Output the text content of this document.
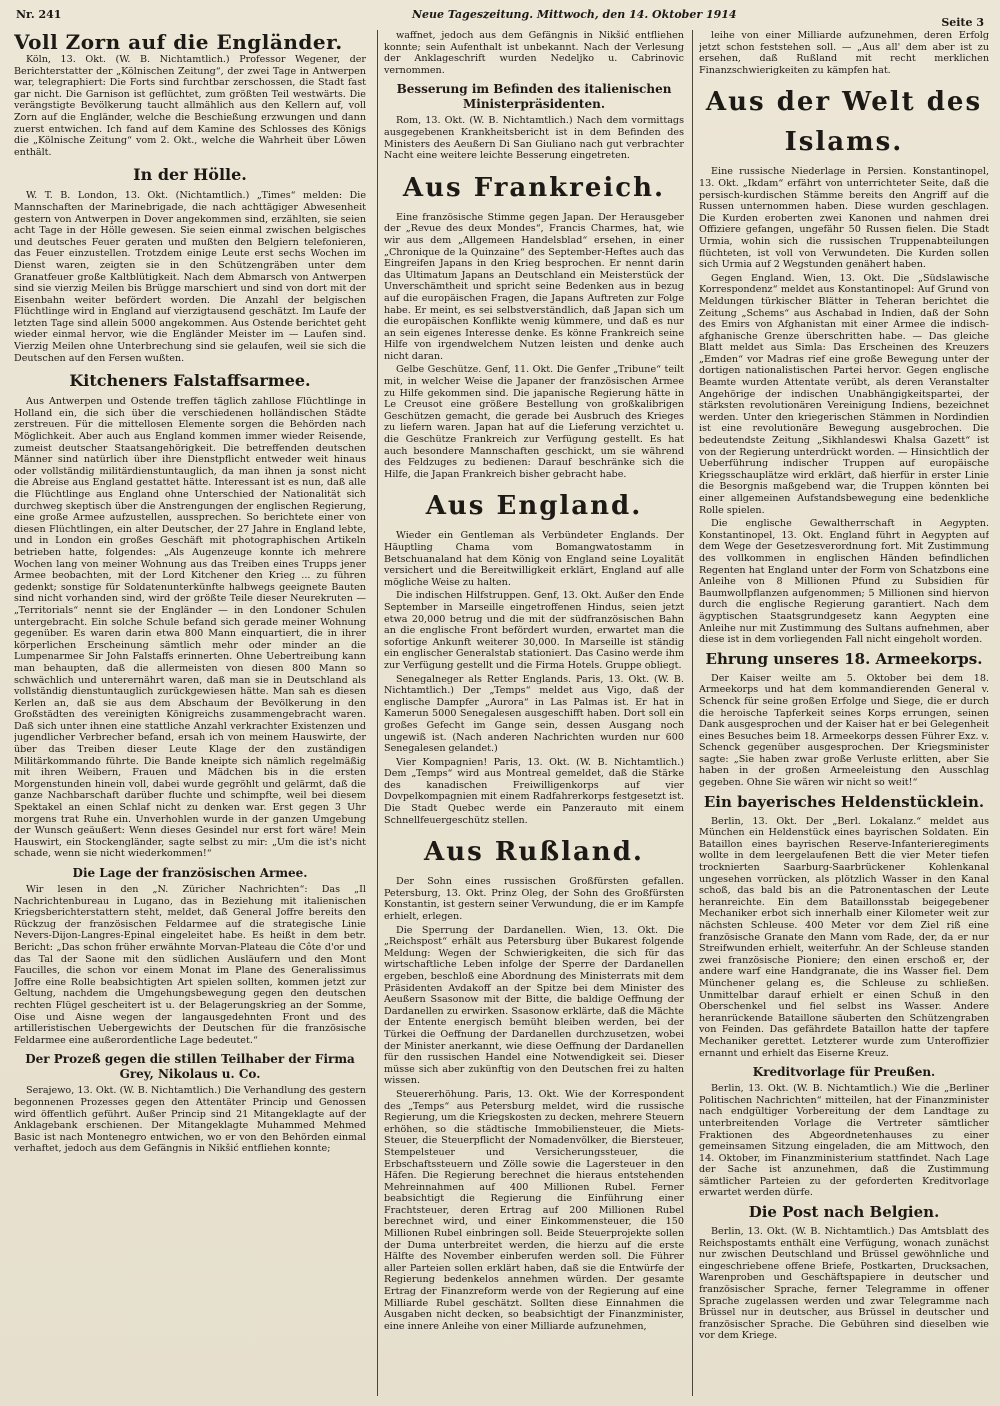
Nr. 241	Neue Tageszeitung. Mittwoch, den 14. Oktober 1914
Seite 3
Voll Zorn auf die Engländer.

Köln, 13. Okt. (W. B. Nichtamtlich.) Professor Wegener, der Berichterstatter der „Kölnischen Zeitung“, der zwei Tage in Antwerpen war, telegraphiert: Die Forts sind furchtbar zerschossen, die Stadt fast gar nicht. Die Garnison ist geflüchtet, zum größten Teil westwärts. Die verängstigte Bevölkerung taucht allmählich aus den Kellern auf, voll Zorn auf die Engländer, welche die Beschießung erzwungen und dann zuerst entwichen. Ich fand auf dem Kamine des Schlosses des Königs die „Kölnische Zeitung“ vom 2. Okt., welche die Wahrheit über Löwen enthält.

In der Hölle.

W. T. B. London, 13. Okt. (Nichtamtlich.) „Times“ melden: Die Mannschaften der Marinebrigade, die nach achttägiger Abwesenheit gestern von Antwerpen in Dover angekommen sind, erzählten, sie seien acht Tage in der Hölle gewesen. Sie seien einmal zwischen belgisches und deutsches Feuer geraten und mußten den Belgiern telefonieren, das Feuer einzustellen. Trotzdem einige Leute erst sechs Wochen im Dienst waren, zeigten sie in den Schützengräben unter dem Granatfeuer große Kaltblütigkeit. Nach dem Abmarsch von Antwerpen sind sie vierzig Meilen bis Brügge marschiert und sind von dort mit der Eisenbahn weiter befördert worden. Die Anzahl der belgischen Flüchtlinge wird in England auf vierzigtausend geschätzt. Im Laufe der letzten Tage sind allein 5000 angekommen. Aus Ostende berichtet geht wieder einmal hervor, wie die Engländer Meister im — Laufen sind. Vierzig Meilen ohne Unterbrechung sind sie gelaufen, weil sie sich die Deutschen auf den Fersen wußten.

Kitcheners Falstaffsarmee.

Aus Antwerpen und Ostende treffen täglich zahllose Flüchtlinge in Holland ein, die sich über die verschiedenen holländischen Städte zerstreuen. Für die mittellosen Elemente sorgen die Behörden nach Möglichkeit. Aber auch aus England kommen immer wieder Reisende, zumeist deutscher Staatsangehörigkeit. Die betreffenden deutschen Männer sind natürlich über ihre Dienstpflicht entweder weit hinaus oder vollständig militärdienstuntauglich, da man ihnen ja sonst nicht die Abreise aus England gestattet hätte. Interessant ist es nun, daß alle die Flüchtlinge aus England ohne Unterschied der Nationalität sich durchweg skeptisch über die Anstrengungen der englischen Regierung, eine große Armee aufzustellen, aussprechen. So berichtete einer von diesen Flüchtlingen, ein alter Deutscher, der 27 Jahre in England lebte, und in London ein großes Geschäft mit photographischen Artikeln betrieben hatte, folgendes: „Als Augenzeuge konnte ich mehrere Wochen lang von meiner Wohnung aus das Treiben eines Trupps jener Armee beobachten, mit der Lord Kitchener den Krieg ... zu führen gedenkt; sonstige für Soldatenunterkünfte halbwegs geeignete Bauten sind nicht vorhanden sind, wird der größte Teile dieser Neurekruten — „Territorials“ nennt sie der Engländer — in den Londoner Schulen untergebracht. Ein solche Schule befand sich gerade meiner Wohnung gegenüber. Es waren darin etwa 800 Mann einquartiert, die in ihrer körperlichen Erscheinung sämtlich mehr oder minder an die Lumpenarmee Sir John Falstaffs erinnerten. Ohne Uebertreibung kann man behaupten, daß die allermeisten von diesen 800 Mann so schwächlich und unterernährt waren, daß man sie in Deutschland als vollständig dienstuntauglich zurückgewiesen hätte. Man sah es diesen Kerlen an, daß sie aus dem Abschaum der Bevölkerung in den Großstädten des vereinigten Königreichs zusammengebracht waren. Daß sich unter ihnen eine stattliche Anzahl verkrachter Existenzen und jugendlicher Verbrecher befand, ersah ich von meinem Hauswirte, der über das Treiben dieser Leute Klage der den zuständigen Militärkommando führte. Die Bande kneipte sich nämlich regelmäßig mit ihren Weibern, Frauen und Mädchen bis in die ersten Morgenstunden hinein voll, dabei wurde gegröhlt und gelärmt, daß die ganze Nachbarschaft darüber fluchte und schimpfte, weil bei diesem Spektakel an einen Schlaf nicht zu denken war. Erst gegen 3 Uhr morgens trat Ruhe ein. Unverhohlen wurde in der ganzen Umgebung der Wunsch geäußert: Wenn dieses Gesindel nur erst fort wäre! Mein Hauswirt, ein Stockengländer, sagte selbst zu mir: „Um die ist's nicht schade, wenn sie nicht wiederkommen!“

Die Lage der französischen Armee.

Wir lesen in den „N. Züricher Nachrichten“: Das „Il Nachrichtenbureau in Lugano, das in Beziehung mit italienischen Kriegsberichterstattern steht, meldet, daß General Joffre bereits den Rückzug der französischen Feldarmee auf die strategische Linie Nevers-Dijon-Langres-Epinal eingeleitet habe. Es heißt in dem betr. Bericht: „Das schon früher erwähnte Morvan-Plateau die Côte d'or und das Tal der Saone mit den südlichen Ausläufern und den Mont Faucilles, die schon vor einem Monat im Plane des Generalissimus Joffre eine Rolle beabsichtigten Art spielen sollten, kommen jetzt zur Geltung, nachdem die Umgehungsbewegung gegen den deutschen rechten Flügel gescheitert ist u. der Belagerungskrieg an der Somme, Oise und Aisne wegen der langausgedehnten Front und des artilleristischen Uebergewichts der Deutschen für die französische Feldarmee eine außerordentliche Lage bedeutet.“

Der Prozeß gegen die stillen Teilhaber der Firma Grey, Nikolaus u. Co.

Serajewo, 13. Okt. (W. B. Nichtamtlich.) Die Verhandlung des gestern begonnenen Prozesses gegen den Attentäter Princip und Genossen wird öffentlich geführt. Außer Princip sind 21 Mitangeklagte auf der Anklagebank erschienen. Der Mitangeklagte Muhammed Mehmed Basic ist nach Montenegro entwichen, wo er von den Behörden einmal verhaftet, jedoch aus dem Gefängnis in Nikšić entfliehen konnte;

waffnet, jedoch aus dem Gefängnis in Nikšić entfliehen konnte; sein Aufenthalt ist unbekannt. Nach der Verlesung der Anklageschrift wurden Nedeljko u. Cabrinovic vernommen.

Besserung im Befinden des italienischen Ministerpräsidenten.

Rom, 13. Okt. (W. B. Nichtamtlich.) Nach dem vormittags ausgegebenen Krankheitsbericht ist in dem Befinden des Ministers des Aeußern Di San Giuliano nach gut verbrachter Nacht eine weitere leichte Besserung eingetreten.

Aus Frankreich.

Eine französische Stimme gegen Japan. Der Herausgeber der „Revue des deux Mondes“, Francis Charmes, hat, wie wir aus dem „Allgemeen Handelsblad“ ersehen, in einer „Chronique de la Quinzaine“ des September-Heftes auch das Eingreifen Japans in den Krieg besprochen. Er nennt darin das Ultimatum Japans an Deutschland ein Meisterstück der Unverschämtheit und spricht seine Bedenken aus in bezug auf die europäischen Fragen, die Japans Auftreten zur Folge habe. Er meint, es sei selbstverständlich, daß Japan sich um die europäischen Konflikte wenig kümmere, und daß es nur an sein eigenes Interesse denke. Es könne Frankreich seine Hilfe von irgendwelchem Nutzen leisten und denke auch nicht daran.

Gelbe Geschütze. Genf, 11. Okt. Die Genfer „Tribune“ teilt mit, in welcher Weise die Japaner der französischen Armee zu Hilfe gekommen sind. Die japanische Regierung hätte in Le Creusot eine größere Bestellung von großkalibrigen Geschützen gemacht, die gerade bei Ausbruch des Krieges zu liefern waren. Japan hat auf die Lieferung verzichtet u. die Geschütze Frankreich zur Verfügung gestellt. Es hat auch besondere Mannschaften geschickt, um sie während des Feldzuges zu bedienen: Darauf beschränke sich die Hilfe, die Japan Frankreich bisher gebracht habe.

Aus England.

Wieder ein Gentleman als Verbündeter Englands. Der Häuptling Chama vom Bomangwatostamm in Betschuanaland hat dem König von England seine Loyalität versichert und die Bereitwilligkeit erklärt, England auf alle mögliche Weise zu halten.

Die indischen Hilfstruppen. Genf, 13. Okt. Außer den Ende September in Marseille eingetroffenen Hindus, seien jetzt etwa 20,000 betrug und die mit der südfranzösischen Bahn an die englische Front befördert wurden, erwartet man die sofortige Ankunft weiterer 30,000. In Marseille ist ständig ein englischer Generalstab stationiert. Das Casino werde ihm zur Verfügung gestellt und die Firma Hotels. Gruppe obliegt.

Senegalneger als Retter Englands. Paris, 13. Okt. (W. B. Nichtamtlich.) Der „Temps“ meldet aus Vigo, daß der englische Dampfer „Aurora“ in Las Palmas ist. Er hat in Kamerun 5000 Senegalesen ausgeschifft haben. Dort soll ein großes Gefecht im Gange sein, dessen Ausgang noch ungewiß ist. (Nach anderen Nachrichten wurden nur 600 Senegalesen gelandet.)

Vier Kompagnien! Paris, 13. Okt. (W. B. Nichtamtlich.) Dem „Temps“ wird aus Montreal gemeldet, daß die Stärke des kanadischen Freiwilligenkorps auf vier Dovpelkompagnien mit einem Radfahrerkorps festgesetzt ist. Die Stadt Quebec werde ein Panzerauto mit einem Schnellfeuergeschütz stellen.

Aus Rußland.

Der Sohn eines russischen Großfürsten gefallen. Petersburg, 13. Okt. Prinz Oleg, der Sohn des Großfürsten Konstantin, ist gestern seiner Verwundung, die er im Kampfe erhielt, erlegen.

Die Sperrung der Dardanellen. Wien, 13. Okt. Die „Reichspost“ erhält aus Petersburg über Bukarest folgende Meldung: Wegen der Schwierigkeiten, die sich für das wirtschaftliche Leben infolge der Sperre der Dardanellen ergeben, beschloß eine Abordnung des Ministerrats mit dem Präsidenten Avdakoff an der Spitze bei dem Minister des Aeußern Ssasonow mit der Bitte, die baldige Oeffnung der Dardanellen zu erwirken. Ssasonow erklärte, daß die Mächte der Entente energisch bemüht bleiben werden, bei der Türkei die Oeffnung der Dardanellen durchzusetzen, wobei der Minister anerkannt, wie diese Oeffnung der Dardanellen für den russischen Handel eine Notwendigkeit sei. Dieser müsse sich aber zukünftig von den Deutschen frei zu halten wissen.

Steuererhöhung. Paris, 13. Okt. Wie der Korrespondent des „Temps“ aus Petersburg meldet, wird die russische Regierung, um die Kriegskosten zu decken, mehrere Steuern erhöhen, so die städtische Immobiliensteuer, die Miets-Steuer, die Steuerpflicht der Nomadenvölker, die Biersteuer, Stempelsteuer und Versicherungssteuer, die Erbschaftssteuern und Zölle sowie die Lagersteuer in den Häfen. Die Regierung berechnet die hieraus entstehenden Mehreinnahmen auf 400 Millionen Rubel. Ferner beabsichtigt die Regierung die Einführung einer Frachtsteuer, deren Ertrag auf 200 Millionen Rubel berechnet wird, und einer Einkommensteuer, die 150 Millionen Rubel einbringen soll. Beide Steuerprojekte sollen der Duma unterbreitet werden, die hierzu auf die erste Hälfte des November einberufen werden soll. Die Führer aller Parteien sollen erklärt haben, daß sie die Entwürfe der Regierung bedenkelos annehmen würden. Der gesamte Ertrag der Finanzreform werde von der Regierung auf eine Milliarde Rubel geschätzt. Sollten diese Einnahmen die Ausgaben nicht decken, so beabsichtigt der Finanzminister, eine innere Anleihe von einer Milliarde aufzunehmen,

leihe von einer Milliarde aufzunehmen, deren Erfolg jetzt schon feststehen soll. — „Aus all' dem aber ist zu ersehen, daß Rußland mit recht merklichen Finanzschwierigkeiten zu kämpfen hat.

Aus der Welt des Islams.

Eine russische Niederlage in Persien. Konstantinopel, 13. Okt. „Ikdam“ erfährt von unterrichteter Seite, daß die persisch-kurdischen Stämme bereits den Angriff auf die Russen unternommen haben. Diese wurden geschlagen. Die Kurden eroberten zwei Kanonen und nahmen drei Offiziere gefangen, ungefähr 50 Russen fielen. Die Stadt Urmia, wohin sich die russischen Truppenabteilungen flüchteten, ist voll von Verwundeten. Die Kurden sollen sich Urmia auf 2 Wegstunden genähert haben.

Gegen England. Wien, 13. Okt. Die „Südslawische Korrespondenz“ meldet aus Konstantinopel: Auf Grund von Meldungen türkischer Blätter in Teheran berichtet die Zeitung „Schems“ aus Aschabad in Indien, daß der Sohn des Emirs von Afghanistan mit einer Armee die indisch-afghanische Grenze überschritten habe. — Das gleiche Blatt meldet aus Simla: Das Erscheinen des Kreuzers „Emden“ vor Madras rief eine große Bewegung unter der dortigen nationalistischen Partei hervor. Gegen englische Beamte wurden Attentate verübt, als deren Veranstalter Angehörige der indischen Unabhängigkeitspartei, der stärksten revolutionären Vereinigung Indiens, bezeichnet werden. Unter den kriegerischen Stämmen in Nordindien ist eine revolutionäre Bewegung ausgebrochen. Die bedeutendste Zeitung „Sikhlandeswi Khalsa Gazett“ ist von der Regierung unterdrückt worden. — Hinsichtlich der Ueberführung indischer Truppen auf europäische Kriegsschauplätze wird erklärt, daß hierfür in erster Linie die Besorgnis maßgebend war, die Truppen könnten bei einer allgemeinen Aufstandsbewegung eine bedenkliche Rolle spielen.

Die englische Gewaltherrschaft in Aegypten. Konstantinopel, 13. Okt. England führt in Aegypten auf dem Wege der Gesetzesverordnung fort. Mit Zustimmung des vollkommen in englischen Händen befindlichen Regenten hat England unter der Form von Schatzbons eine Anleihe von 8 Millionen Pfund zu Subsidien für Baumwollpflanzen aufgenommen; 5 Millionen sind hiervon durch die englische Regierung garantiert. Nach dem ägyptischen Staatsgrundgesetz kann Aegypten eine Anleihe nur mit Zustimmung des Sultans aufnehmen, aber diese ist in dem vorliegenden Fall nicht eingeholt worden.

Ehrung unseres 18. Armeekorps.

Der Kaiser weilte am 5. Oktober bei dem 18. Armeekorps und hat dem kommandierenden General v. Schenck für seine großen Erfolge und Siege, die er durch die heroische Tapferkeit seines Korps errungen, seinen Dank ausgesprochen und der Kaiser hat er bei Gelegenheit eines Besuches beim 18. Armeekorps dessen Führer Exz. v. Schenck gegenüber ausgesprochen. Der Kriegsminister sagte: „Sie haben zwar große Verluste erlitten, aber Sie haben in der großen Armeeleistung den Ausschlag gegeben. Ohne Sie wären wir nicht so weit!“

Ein bayerisches Heldenstücklein.

Berlin, 13. Okt. Der „Berl. Lokalanz.“ meldet aus München ein Heldenstück eines bayrischen Soldaten. Ein Bataillon eines bayrischen Reserve-Infanterieregiments wollte in dem leergelaufenen Bett die vier Meter tiefen trocknierten Saarburg-Saarbrückener Kohlenkanal ungesehen vorrücken, als plötzlich Wasser in den Kanal schoß, das bald bis an die Patronentaschen der Leute heranreichte. Ein dem Bataillonsstab beigegebener Mechaniker erbot sich innerhalb einer Kilometer weit zur nächsten Schleuse. 400 Meter vor dem Ziel riß eine französische Granate den Mann vom Rade, der, da er nur Streifwunden erhielt, weiterfuhr. An der Schleuse standen zwei französische Pioniere; den einen erschoß er, der andere warf eine Handgranate, die ins Wasser fiel. Dem Münchener gelang es, die Schleuse zu schließen. Unmittelbar darauf erhielt er einen Schuß in den Oberschenkel und fiel selbst ins Wasser. Andere heranrückende Bataillone säuberten den Schützengraben von Feinden. Das gefährdete Bataillon hatte der tapfere Mechaniker gerettet. Letzterer wurde zum Unteroffizier ernannt und erhielt das Eiserne Kreuz.

Kreditvorlage für Preußen.

Berlin, 13. Okt. (W. B. Nichtamtlich.) Wie die „Berliner Politischen Nachrichten“ mitteilen, hat der Finanzminister nach endgültiger Vorbereitung der dem Landtage zu unterbreitenden Vorlage die Vertreter sämtlicher Fraktionen des Abgeordnetenhauses zu einer gemeinsamen Sitzung eingeladen, die am Mittwoch, den 14. Oktober, im Finanzministerium stattfindet. Nach Lage der Sache ist anzunehmen, daß die Zustimmung sämtlicher Parteien zu der geforderten Kreditvorlage erwartet werden dürfe.

Die Post nach Belgien.

Berlin, 13. Okt. (W. B. Nichtamtlich.) Das Amtsblatt des Reichspostamts enthält eine Verfügung, wonach zunächst nur zwischen Deutschland und Brüssel gewöhnliche und eingeschriebene offene Briefe, Postkarten, Drucksachen, Warenproben und Geschäftspapiere in deutscher und französischer Sprache, ferner Telegramme in offener Sprache zugelassen werden und zwar Telegramme nach Brüssel nur in deutscher, aus Brüssel in deutscher und französischer Sprache. Die Gebühren sind dieselben wie vor dem Kriege.
